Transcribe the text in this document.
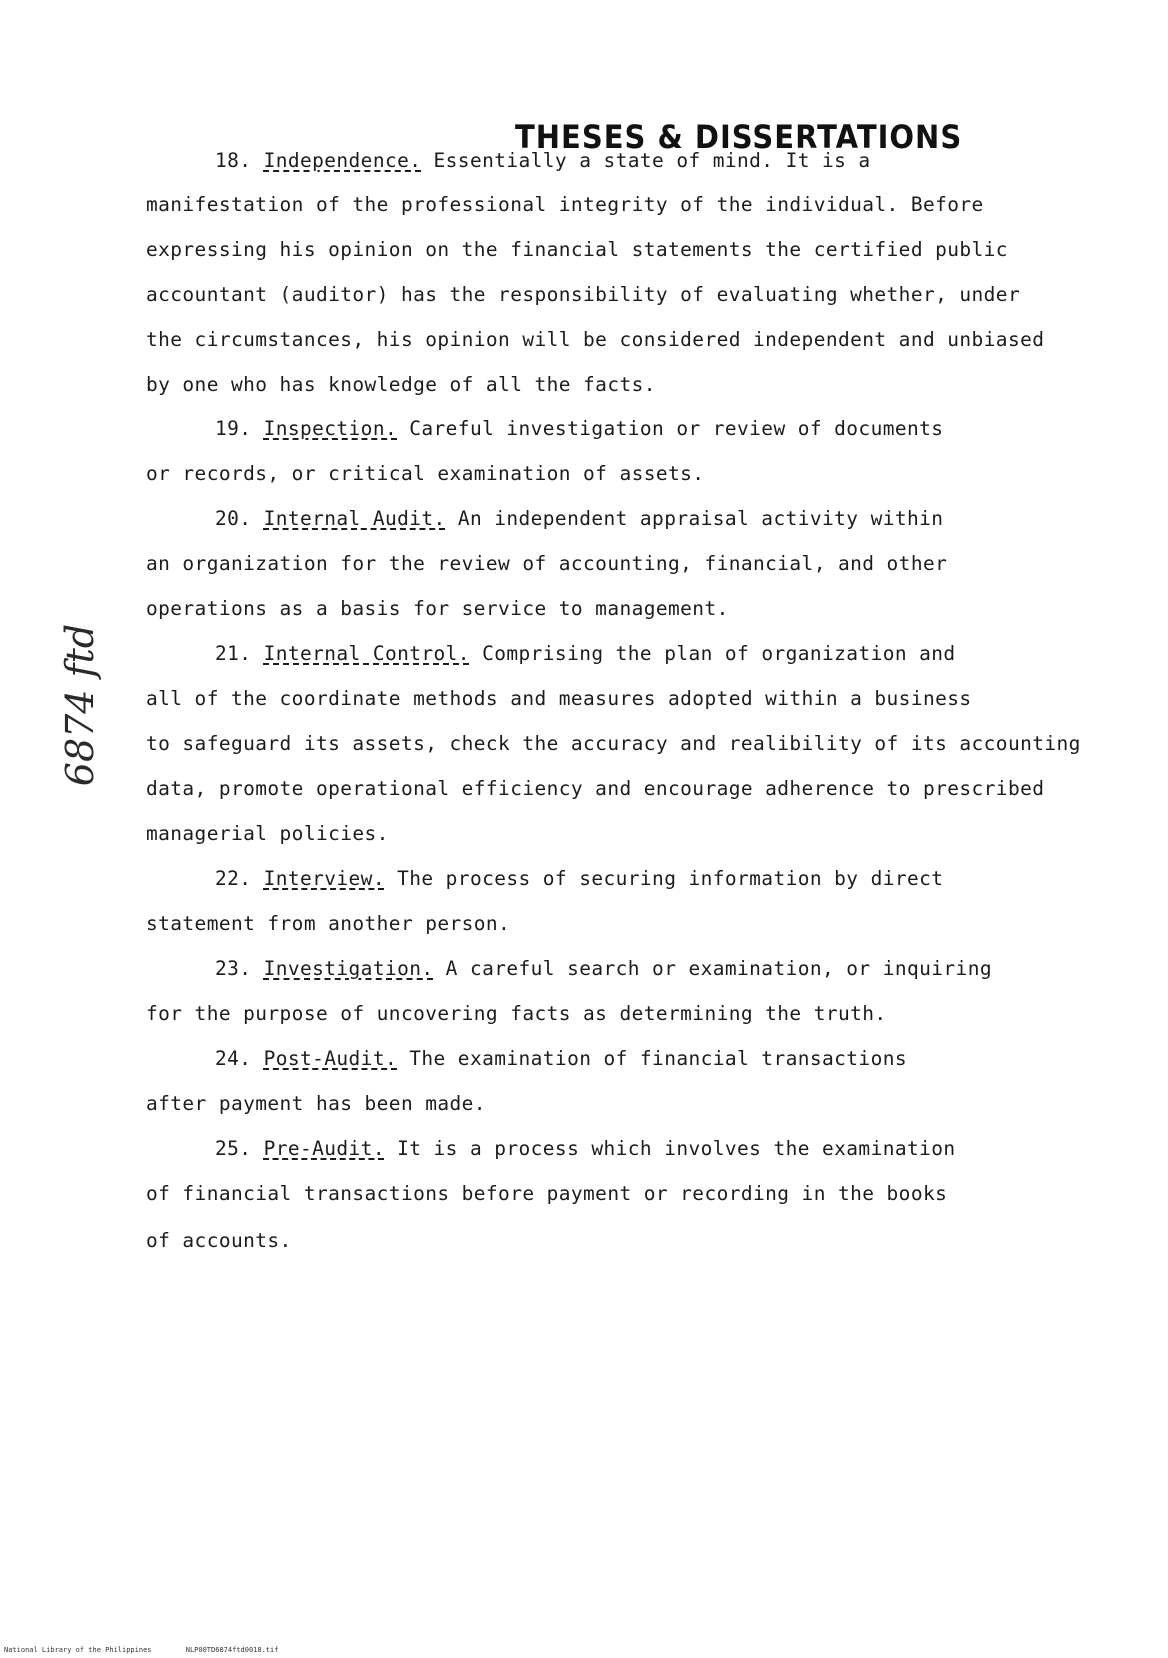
THESES & DISSERTATIONS
6874 ftd
18. Independence. Essentially a state of mind. It is a
manifestation of the professional integrity of the individual. Before
expressing his opinion on the financial statements the certified public
accountant (auditor) has the responsibility of evaluating whether, under
the circumstances, his opinion will be considered independent and unbiased
by one who has knowledge of all the facts.
19. Inspection. Careful investigation or review of documents
or records, or critical examination of assets.
20. Internal Audit. An independent appraisal activity within
an organization for the review of accounting, financial, and other
operations as a basis for service to management.
21. Internal Control. Comprising the plan of organization and
all of the coordinate methods and measures adopted within a business
to safeguard its assets, check the accuracy and realibility of its accounting
data, promote operational efficiency and encourage adherence to prescribed
managerial policies.
22. Interview. The process of securing information by direct
statement from another person.
23. Investigation. A careful search or examination, or inquiring
for the purpose of uncovering facts as determining the truth.
24. Post-Audit. The examination of financial transactions
after payment has been made.
25. Pre-Audit. It is a process which involves the examination
of financial transactions before payment or recording in the books
of accounts.
National Library of the Philippines	NLP00TD6874ftd0018.tif
